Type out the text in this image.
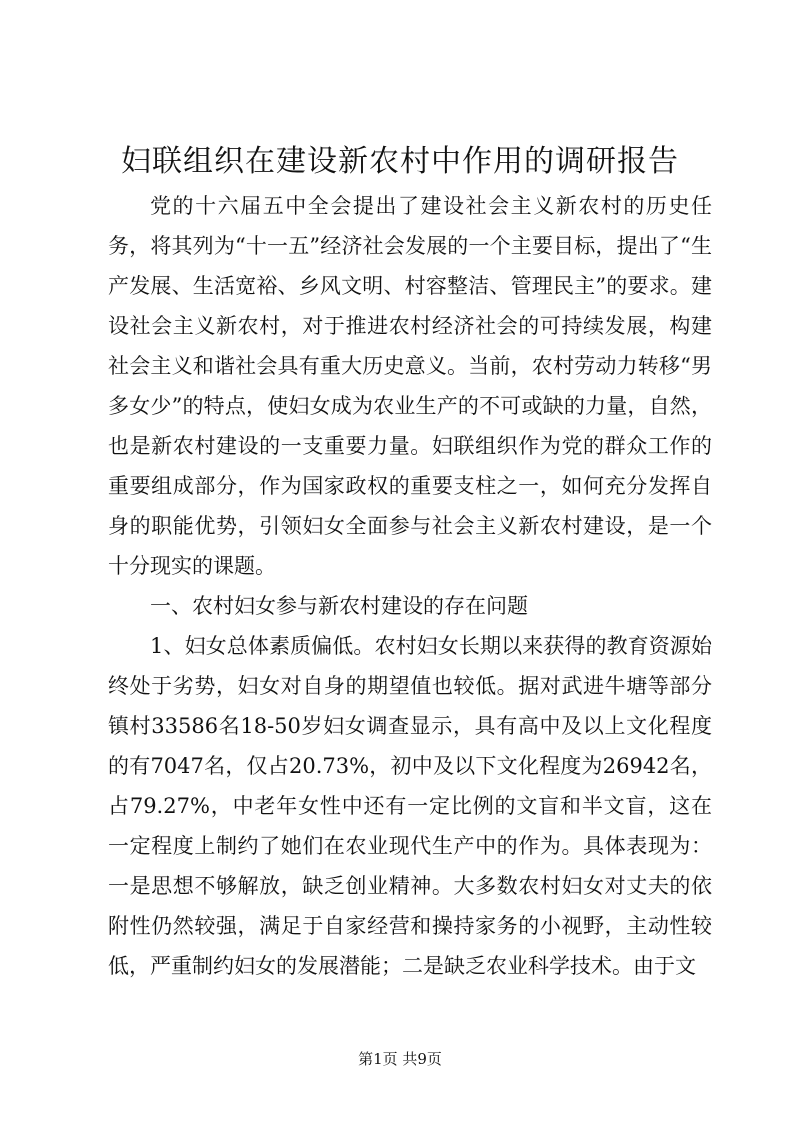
妇联组织在建设新农村中作用的调研报告

党的十六届五中全会提出了建设社会主义新农村的历史任务，将其列为“十一五”经济社会发展的一个主要目标，提出了“生产发展、生活宽裕、乡风文明、村容整洁、管理民主”的要求。建设社会主义新农村，对于推进农村经济社会的可持续发展，构建社会主义和谐社会具有重大历史意义。当前，农村劳动力转移“男多女少”的特点，使妇女成为农业生产的不可或缺的力量，自然，也是新农村建设的一支重要力量。妇联组织作为党的群众工作的重要组成部分，作为国家政权的重要支柱之一，如何充分发挥自身的职能优势，引领妇女全面参与社会主义新农村建设，是一个十分现实的课题。

一、农村妇女参与新农村建设的存在问题

1、妇女总体素质偏低。农村妇女长期以来获得的教育资源始终处于劣势，妇女对自身的期望值也较低。据对武进牛塘等部分镇村33586名18-50岁妇女调查显示，具有高中及以上文化程度的有7047名，仅占20.73%，初中及以下文化程度为26942名，占79.27%，中老年女性中还有一定比例的文盲和半文盲，这在一定程度上制约了她们在农业现代生产中的作为。具体表现为：一是思想不够解放，缺乏创业精神。大多数农村妇女对丈夫的依附性仍然较强，满足于自家经营和操持家务的小视野，主动性较低，严重制约妇女的发展潜能；二是缺乏农业科学技术。由于文

第1页 共9页
